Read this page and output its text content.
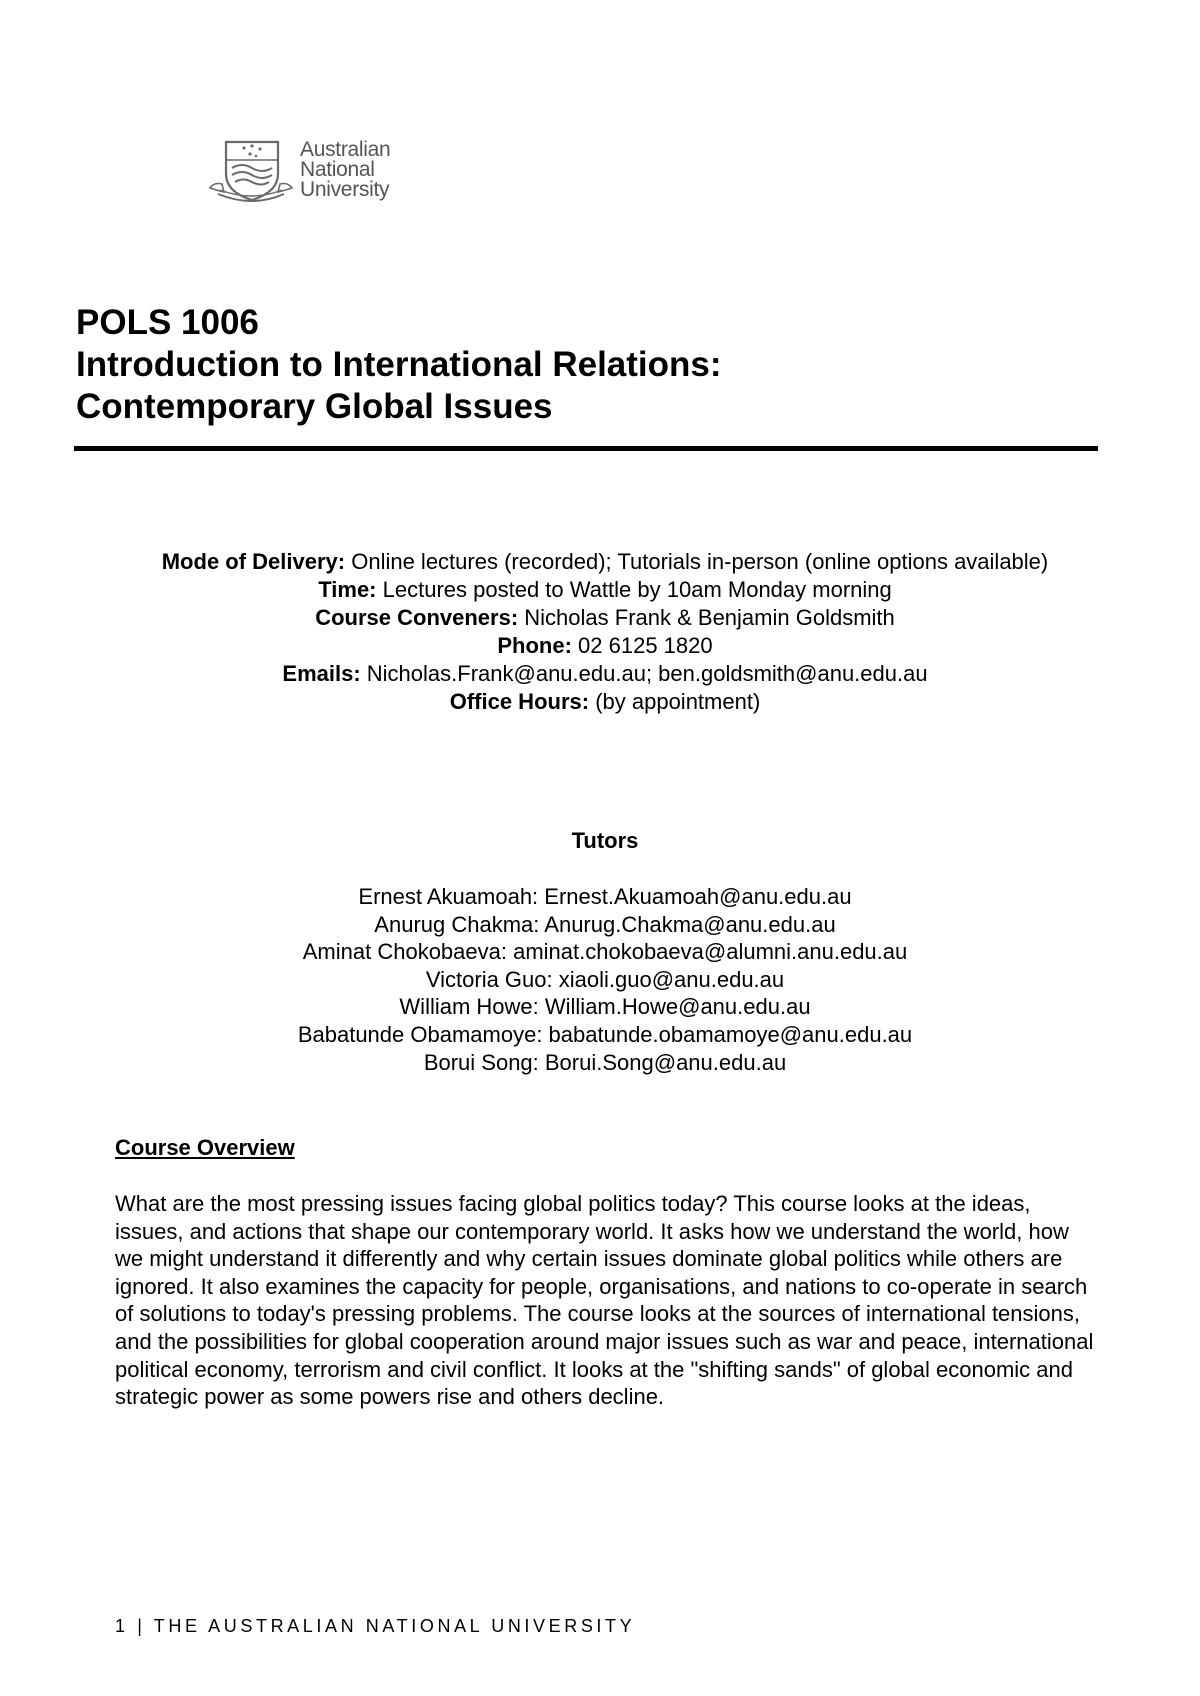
Australian
National
University
POLS 1006
Introduction to International Relations:
Contemporary Global Issues

Mode of Delivery: Online lectures (recorded); Tutorials in-person (online options available)

Time: Lectures posted to Wattle by 10am Monday morning

Course Conveners: Nicholas Frank & Benjamin Goldsmith

Phone: 02 6125 1820

Emails: Nicholas.Frank@anu.edu.au; ben.goldsmith@anu.edu.au

Office Hours: (by appointment)

Tutors

Ernest Akuamoah: Ernest.Akuamoah@anu.edu.au

Anurug Chakma: Anurug.Chakma@anu.edu.au

Aminat Chokobaeva: aminat.chokobaeva@alumni.anu.edu.au

Victoria Guo: xiaoli.guo@anu.edu.au

William Howe: William.Howe@anu.edu.au

Babatunde Obamamoye: babatunde.obamamoye@anu.edu.au

Borui Song: Borui.Song@anu.edu.au

Course Overview

What are the most pressing issues facing global politics today? This course looks at the ideas, issues, and actions that shape our contemporary world. It asks how we understand the world, how we might understand it differently and why certain issues dominate global politics while others are ignored. It also examines the capacity for people, organisations, and nations to co-operate in search of solutions to today's pressing problems. The course looks at the sources of international tensions, and the possibilities for global cooperation around major issues such as war and peace, international political economy, terrorism and civil conflict. It looks at the "shifting sands" of global economic and strategic power as some powers rise and others decline.

1 | THE AUSTRALIAN NATIONAL UNIVERSITY
